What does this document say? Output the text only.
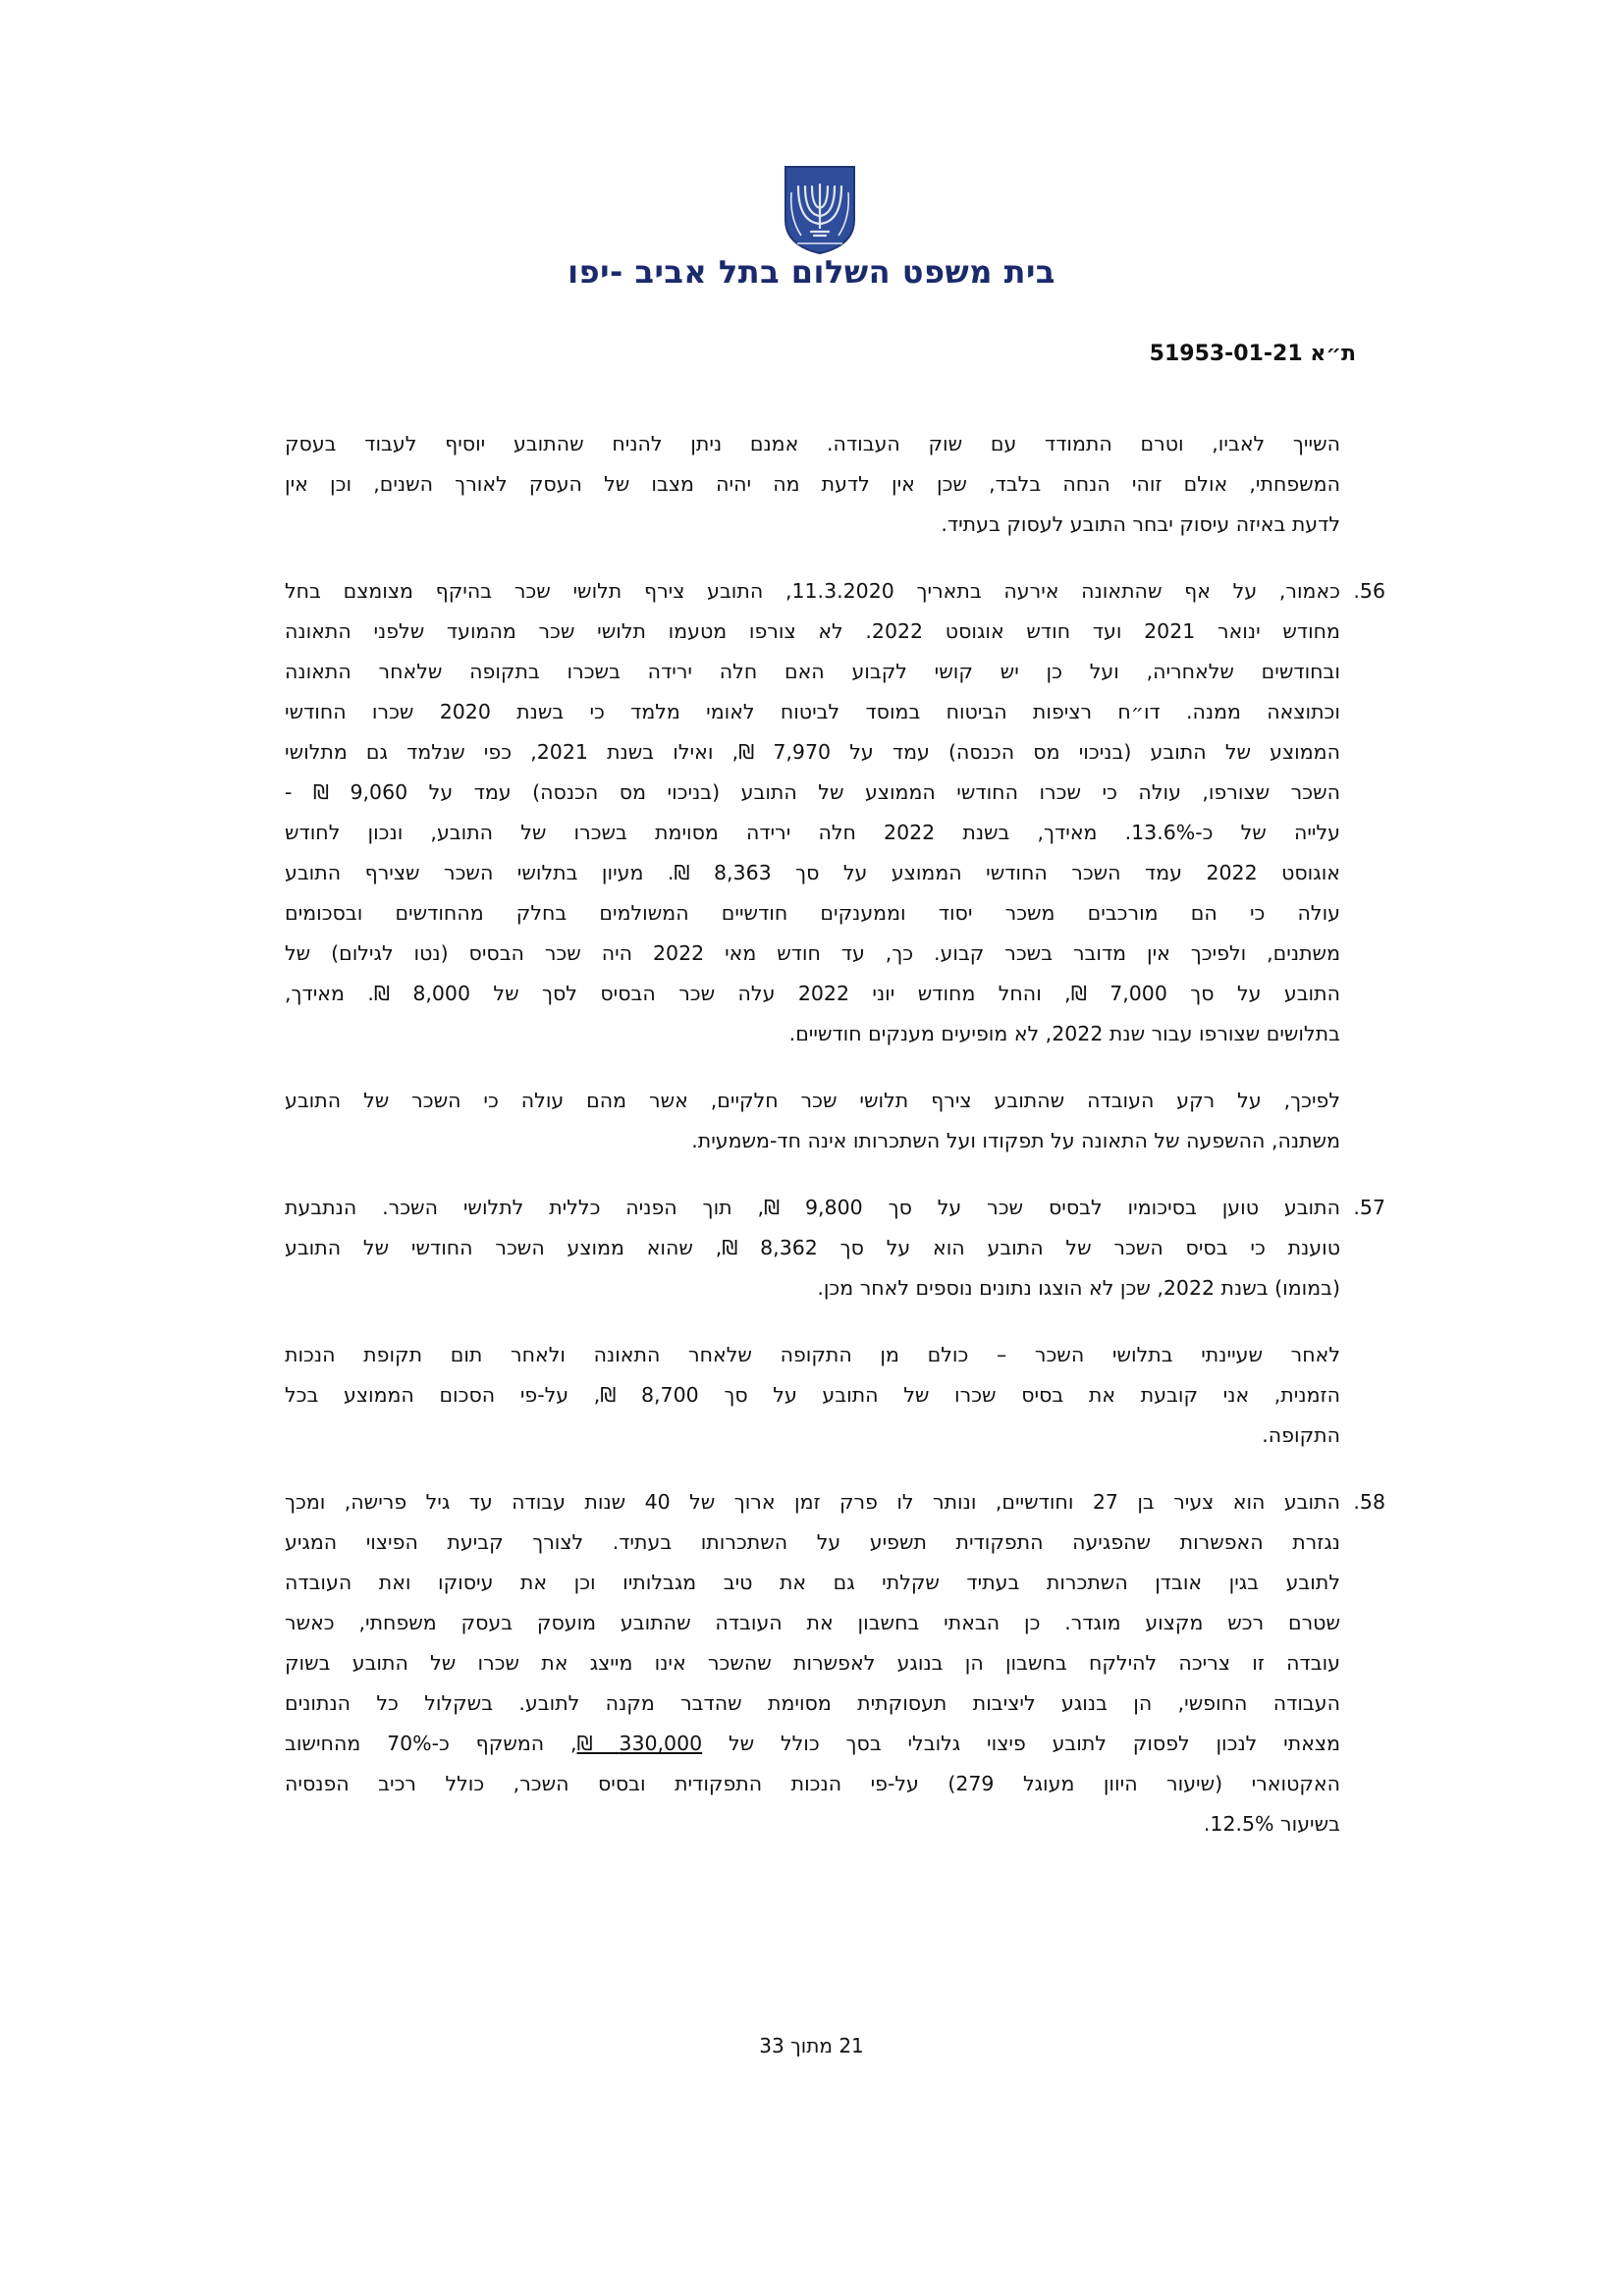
בית משפט השלום בתל אביב -יפו
ת״א 51953-01-21
השייך לאביו, וטרם התמודד עם שוק העבודה. אמנם ניתן להניח שהתובע יוסיף לעבוד בעסק
המשפחתי, אולם זוהי הנחה בלבד, שכן אין לדעת מה יהיה מצבו של העסק לאורך השנים, וכן אין
לדעת באיזה עיסוק יבחר התובע לעסוק בעתיד.
56.
כאמור, על אף שהתאונה אירעה בתאריך 11.3.2020, התובע צירף תלושי שכר בהיקף מצומצם בחל
מחודש ינואר 2021 ועד חודש אוגוסט 2022. לא צורפו מטעמו תלושי שכר מהמועד שלפני התאונה
ובחודשים שלאחריה, ועל כן יש קושי לקבוע האם חלה ירידה בשכרו בתקופה שלאחר התאונה
וכתוצאה ממנה. דו״ח רציפות הביטוח במוסד לביטוח לאומי מלמד כי בשנת 2020 שכרו החודשי
הממוצע של התובע (בניכוי מס הכנסה) עמד על 7,970 ₪, ואילו בשנת 2021, כפי שנלמד גם מתלושי
השכר שצורפו, עולה כי שכרו החודשי הממוצע של התובע (בניכוי מס הכנסה) עמד על 9,060 ₪ -
עלייה של כ-13.6%. מאידך, בשנת 2022 חלה ירידה מסוימת בשכרו של התובע, ונכון לחודש
אוגוסט 2022 עמד השכר החודשי הממוצע על סך 8,363 ₪. מעיון בתלושי השכר שצירף התובע
עולה כי הם מורכבים משכר יסוד וממענקים חודשיים המשולמים בחלק מהחודשים ובסכומים
משתנים, ולפיכך אין מדובר בשכר קבוע. כך, עד חודש מאי 2022 היה שכר הבסיס (נטו לגילום) של
התובע על סך 7,000 ₪, והחל מחודש יוני 2022 עלה שכר הבסיס לסך של 8,000 ₪. מאידך,
בתלושים שצורפו עבור שנת 2022, לא מופיעים מענקים חודשיים.
לפיכך, על רקע העובדה שהתובע צירף תלושי שכר חלקיים, אשר מהם עולה כי השכר של התובע
משתנה, ההשפעה של התאונה על תפקודו ועל השתכרותו אינה חד-משמעית.
57.
התובע טוען בסיכומיו לבסיס שכר על סך 9,800 ₪, תוך הפניה כללית לתלושי השכר. הנתבעת
טוענת כי בסיס השכר של התובע הוא על סך 8,362 ₪, שהוא ממוצע השכר החודשי של התובע
(במומו) בשנת 2022, שכן לא הוצגו נתונים נוספים לאחר מכן.
לאחר שעיינתי בתלושי השכר – כולם מן התקופה שלאחר התאונה ולאחר תום תקופת הנכות
הזמנית, אני קובעת את בסיס שכרו של התובע על סך 8,700 ₪, על-פי הסכום הממוצע בכל
התקופה.
58.
התובע הוא צעיר בן 27 וחודשיים, ונותר לו פרק זמן ארוך של 40 שנות עבודה עד גיל פרישה, ומכך
נגזרת האפשרות שהפגיעה התפקודית תשפיע על השתכרותו בעתיד. לצורך קביעת הפיצוי המגיע
לתובע בגין אובדן השתכרות בעתיד שקלתי גם את טיב מגבלותיו וכן את עיסוקו ואת העובדה
שטרם רכש מקצוע מוגדר. כן הבאתי בחשבון את העובדה שהתובע מועסק בעסק משפחתי, כאשר
עובדה זו צריכה להילקח בחשבון הן בנוגע לאפשרות שהשכר אינו מייצג את שכרו של התובע בשוק
העבודה החופשי, הן בנוגע ליציבות תעסוקתית מסוימת שהדבר מקנה לתובע. בשקלול כל הנתונים
מצאתי לנכון לפסוק לתובע פיצוי גלובלי בסך כולל של 330,000 ₪, המשקף כ-70% מהחישוב
האקטוארי (שיעור היוון מעוגל 279) על-פי הנכות התפקודית ובסיס השכר, כולל רכיב הפנסיה
בשיעור 12.5%.
21 מתוך 33
